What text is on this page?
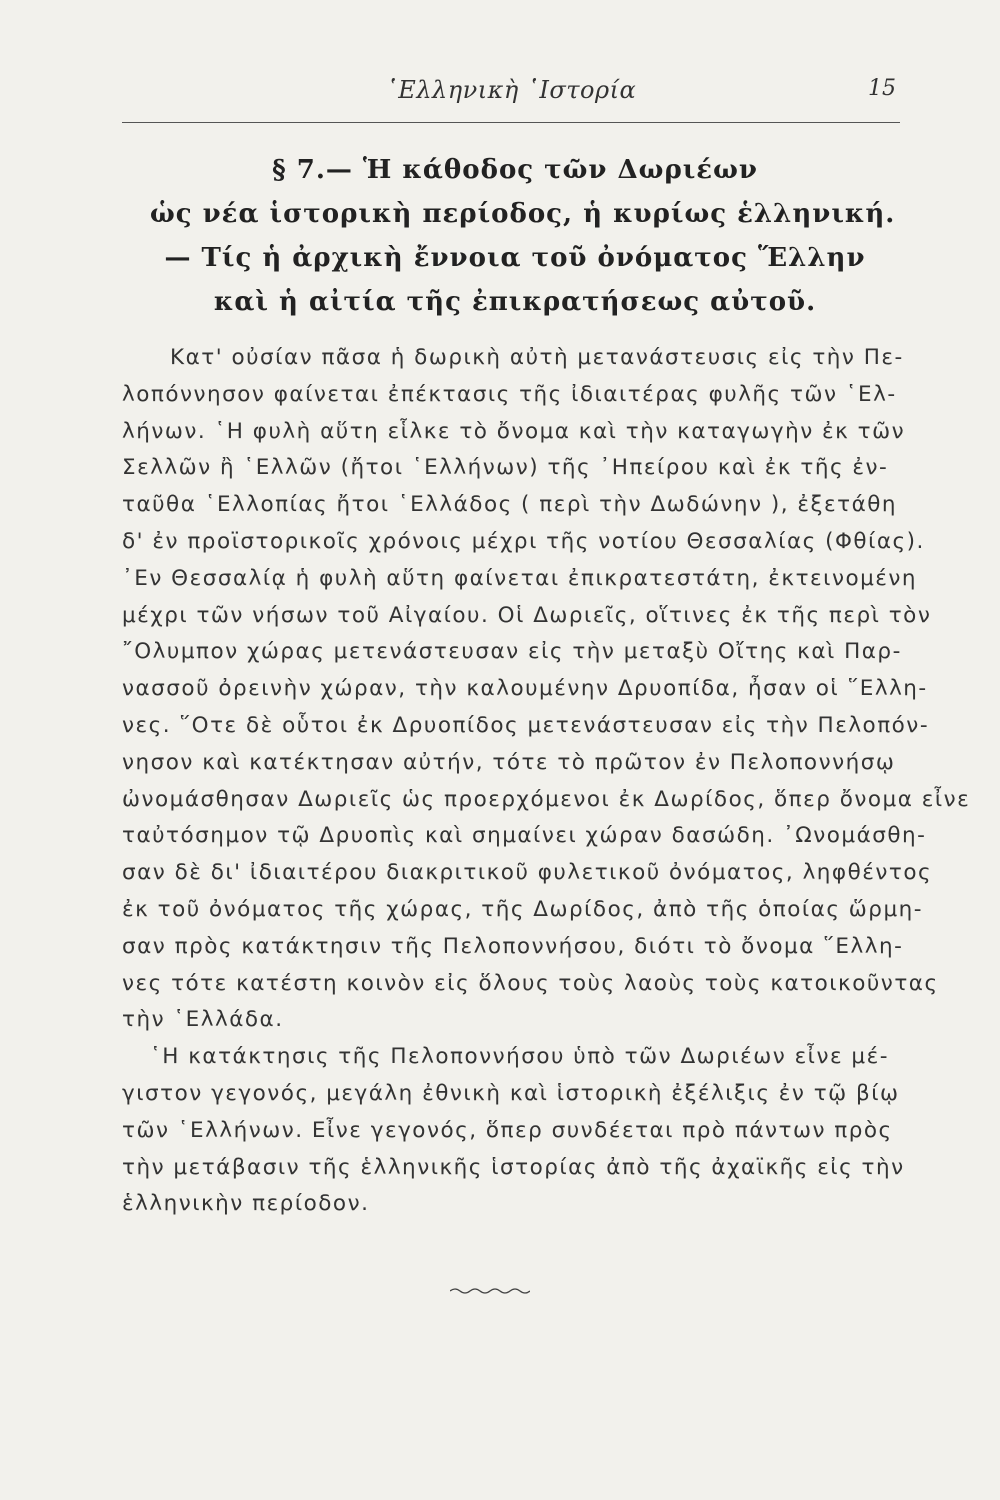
῾Ελληνικὴ ῾Ιστορία	15
§ 7.— Ἡ κάθοδος τῶν Δωριέων
ὡς νέα ἱστορικὴ περίοδος, ἡ κυρίως ἑλληνική.
— Τίς ἡ ἀρχικὴ ἔννοια τοῦ ὀνόματος Ἕλλην
καὶ ἡ αἰτία τῆς ἐπικρατήσεως αὐτοῦ.
Κατ' οὐσίαν πᾶσα ἡ δωρικὴ αὐτὴ μετανάστευσις εἰς τὴν Πε-
λοπόννησον φαίνεται ἐπέκτασις τῆς ἰδιαιτέρας φυλῆς τῶν ῾Ελ-
λήνων. ῾Η φυλὴ αὕτη εἷλκε τὸ ὄνομα καὶ τὴν καταγωγὴν ἐκ τῶν
Σελλῶν ἢ ῾Ελλῶν (ἤτοι ῾Ελλήνων) τῆς ᾿Ηπείρου καὶ ἐκ τῆς ἐν-
ταῦθα ῾Ελλοπίας ἤτοι ῾Ελλάδος ( περὶ τὴν Δωδώνην ), ἐξετάθη
δ' ἐν προϊστορικοῖς χρόνοις μέχρι τῆς νοτίου Θεσσαλίας (Φθίας).
᾿Εν Θεσσαλίᾳ ἡ φυλὴ αὕτη φαίνεται ἐπικρατεστάτη, ἐκτεινομένη
μέχρι τῶν νήσων τοῦ Αἰγαίου. Οἱ Δωριεῖς, οἵτινες ἐκ τῆς περὶ τὸν
῎Ολυμπον χώρας μετενάστευσαν εἰς τὴν μεταξὺ Οἴτης καὶ Παρ-
νασσοῦ ὀρεινὴν χώραν, τὴν καλουμένην Δρυοπίδα, ἦσαν οἱ ῞Ελλη-
νες. ῞Οτε δὲ οὗτοι ἐκ Δρυοπίδος μετενάστευσαν εἰς τὴν Πελοπόν-
νησον καὶ κατέκτησαν αὐτήν, τότε τὸ πρῶτον ἐν Πελοποννήσῳ
ὠνομάσθησαν Δωριεῖς ὡς προερχόμενοι ἐκ Δωρίδος, ὅπερ ὄνομα εἶνε
ταὐτόσημον τῷ Δρυοπὶς καὶ σημαίνει χώραν δασώδη. ᾿Ωνομάσθη-
σαν δὲ δι' ἰδιαιτέρου διακριτικοῦ φυλετικοῦ ὀνόματος, ληφθέντος
ἐκ τοῦ ὀνόματος τῆς χώρας, τῆς Δωρίδος, ἀπὸ τῆς ὁποίας ὥρμη-
σαν πρὸς κατάκτησιν τῆς Πελοποννήσου, διότι τὸ ὄνομα ῞Ελλη-
νες τότε κατέστη κοινὸν εἰς ὅλους τοὺς λαοὺς τοὺς κατοικοῦντας
τὴν ῾Ελλάδα.
῾Η κατάκτησις τῆς Πελοποννήσου ὑπὸ τῶν Δωριέων εἶνε μέ-
γιστον γεγονός, μεγάλη ἐθνικὴ καὶ ἱστορικὴ ἐξέλιξις ἐν τῷ βίῳ
τῶν ῾Ελλήνων. Εἶνε γεγονός, ὅπερ συνδέεται πρὸ πάντων πρὸς
τὴν μετάβασιν τῆς ἑλληνικῆς ἱστορίας ἀπὸ τῆς ἀχαϊκῆς εἰς τὴν
ἑλληνικὴν περίοδον.
